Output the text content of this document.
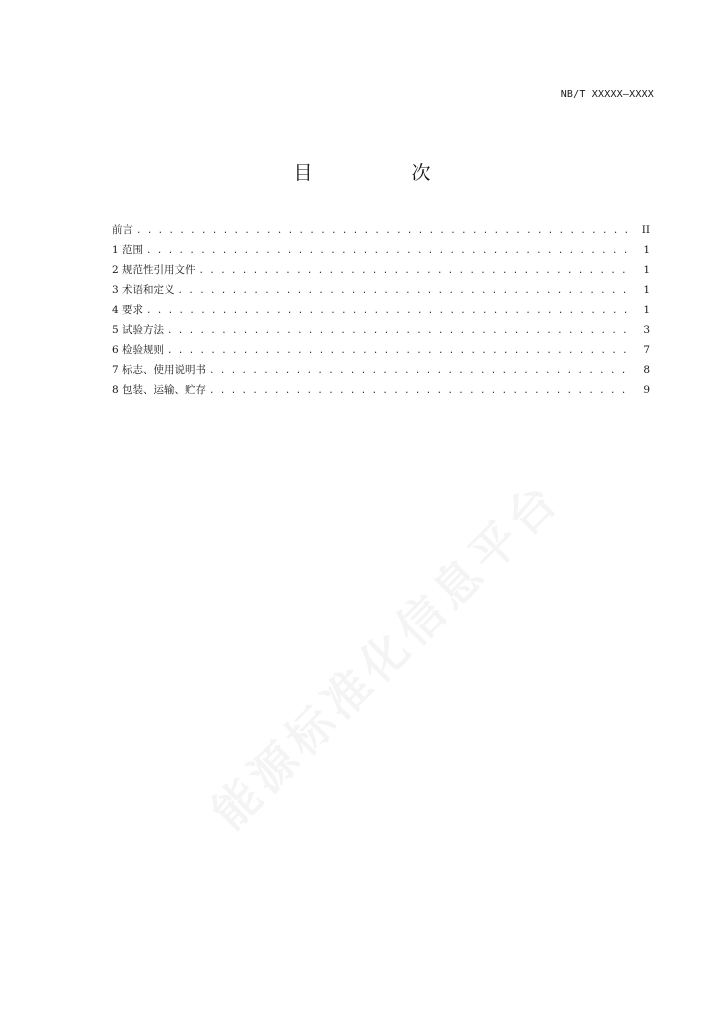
NB/T XXXXX—XXXX
目　次
前言 . . .	II
1 范围 . . .	1
2 规范性引用文件 . . .	1
3 术语和定义 . . .	1
4 要求 . . .	1
5 试验方法 . . .	3
6 检验规则 . . .	7
7 标志、使用说明书 . . .	8
8 包装、运输、贮存 . . .	9
能源标准化信息平台
